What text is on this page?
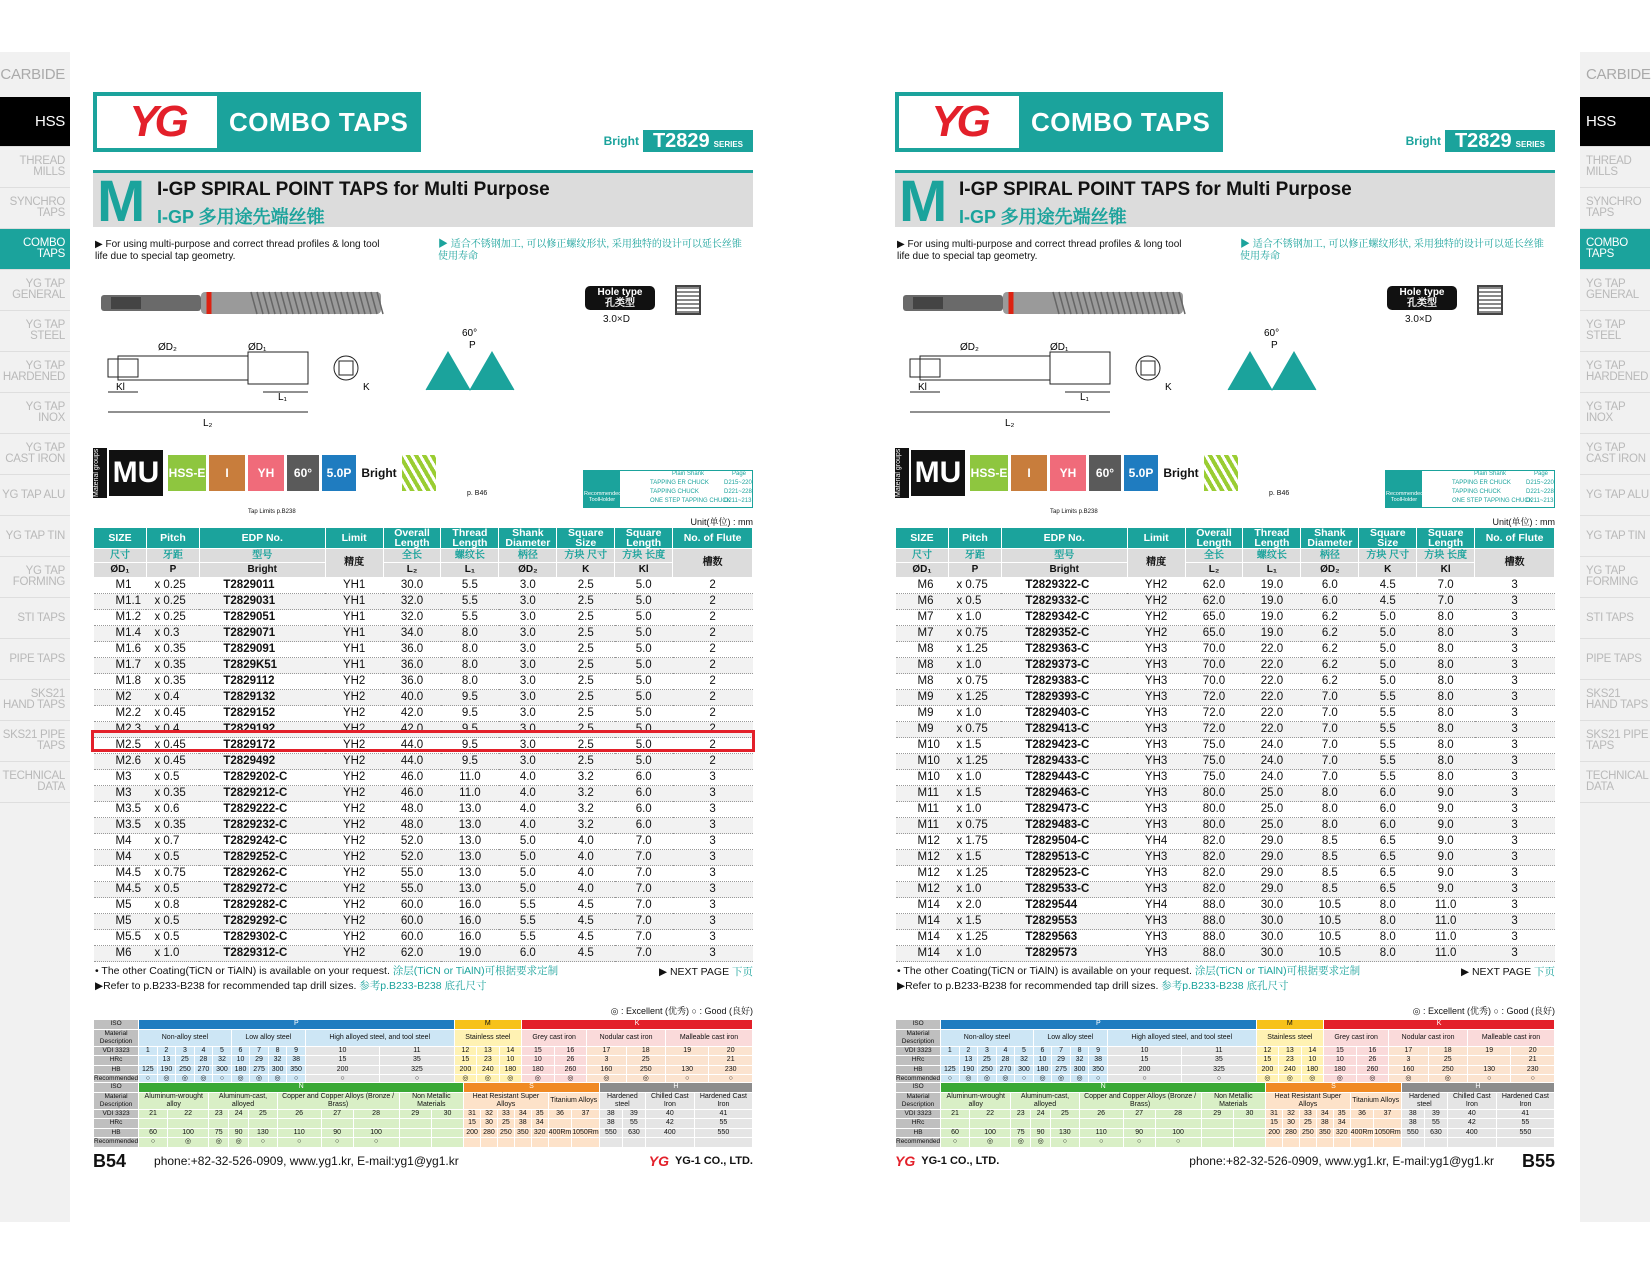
CARBIDE
HSS
THREAD MILLS
SYNCHRO TAPS
COMBO TAPS
YG TAP GENERAL
YG TAP STEEL
YG TAP HARDENED
YG TAP INOX
YG TAP CAST IRON
YG TAP ALU
YG TAP TIN
YG TAP FORMING
STI TAPS
PIPE TAPS
SKS21 HAND TAPS
SKS21 PIPE TAPS
TECHNICAL DATA
CARBIDE
HSS
THREAD MILLS
SYNCHRO TAPS
COMBO TAPS
YG TAP GENERAL
YG TAP STEEL
YG TAP HARDENED
YG TAP INOX
YG TAP CAST IRON
YG TAP ALU
YG TAP TIN
YG TAP FORMING
STI TAPS
PIPE TAPS
SKS21 HAND TAPS
SKS21 PIPE TAPS
TECHNICAL DATA
YG	COMBO TAPS
Bright T2829 SERIES
M I-GP SPIRAL POINT TAPS for Multi Purpose
I-GP 多用途先端丝锥
▶ For using multi-purpose and correct thread profiles & long tool life due to special tap geometry.
▶ 适合不锈钢加工, 可以修正螺纹形状, 采用独特的设计可以延长丝锥使用寿命
Hole type
孔类型
3.0×D
ØD₂	ØD₁
Kl
L₂
L₁
K
60°
P
Material groups MU HSS-E	I	YH	60°	5.0P Bright
p. B46
Tap Limits p.B238
Recommended ToolHolder
Plain Shank	Page
TAPPING ER CHUCK	D215~220
TAPPING CHUCK	D221~228
ONE STEP TAPPING CHUCK
D211~213
Unit(单位) : mm
SIZE	Pitch	EDP No.	Limit	Overall Length	Thread Length	Shank Diameter	Square Size	Square Length	No. of Flute
尺寸	牙距	型号	精度	全长	螺纹长	柄径	方块 尺寸	方块 长度	槽数
ØD₁	P	Bright		L₂	L₁	ØD₂	K	Kl	
M1	x 0.25	T2829011	YH1	30.0	5.5	3.0	2.5	5.0	2
M1.1	x 0.25	T2829031	YH1	32.0	5.5	3.0	2.5	5.0	2
M1.2	x 0.25	T2829051	YH1	32.0	5.5	3.0	2.5	5.0	2
M1.4	x 0.3	T2829071	YH1	34.0	8.0	3.0	2.5	5.0	2
M1.6	x 0.35	T2829091	YH1	36.0	8.0	3.0	2.5	5.0	2
M1.7	x 0.35	T2829K51	YH1	36.0	8.0	3.0	2.5	5.0	2
M1.8	x 0.35	T2829112	YH2	36.0	8.0	3.0	2.5	5.0	2
M2	x 0.4	T2829132	YH2	40.0	9.5	3.0	2.5	5.0	2
M2.2	x 0.45	T2829152	YH2	42.0	9.5	3.0	2.5	5.0	2
M2.3	x 0.4	T2829192	YH2	42.0	9.5	3.0	2.5	5.0	2
M2.5	x 0.45	T2829172	YH2	44.0	9.5	3.0	2.5	5.0	2
M2.6	x 0.45	T2829492	YH2	44.0	9.5	3.0	2.5	5.0	2
M3	x 0.5	T2829202-C	YH2	46.0	11.0	4.0	3.2	6.0	3
M3	x 0.35	T2829212-C	YH2	46.0	11.0	4.0	3.2	6.0	3
M3.5	x 0.6	T2829222-C	YH2	48.0	13.0	4.0	3.2	6.0	3
M3.5	x 0.35	T2829232-C	YH2	48.0	13.0	4.0	3.2	6.0	3
M4	x 0.7	T2829242-C	YH2	52.0	13.0	5.0	4.0	7.0	3
M4	x 0.5	T2829252-C	YH2	52.0	13.0	5.0	4.0	7.0	3
M4.5	x 0.75	T2829262-C	YH2	55.0	13.0	5.0	4.0	7.0	3
M4.5	x 0.5	T2829272-C	YH2	55.0	13.0	5.0	4.0	7.0	3
M5	x 0.8	T2829282-C	YH2	60.0	16.0	5.5	4.5	7.0	3
M5	x 0.5	T2829292-C	YH2	60.0	16.0	5.5	4.5	7.0	3
M5.5	x 0.5	T2829302-C	YH2	60.0	16.0	5.5	4.5	7.0	3
M6	x 1.0	T2829312-C	YH2	62.0	19.0	6.0	4.5	7.0	3
• The other Coating(TiCN or TiAlN) is available on your request. 涂层(TiCN or TiAlN)可根据要求定制
▶Refer to p.B233-B238 for recommended tap drill sizes. 参考p.B233-B238 底孔尺寸
▶ NEXT PAGE 下页
◎ : Excellent (优秀) ○ : Good (良好)
ISO	P											M			K					
Material Description	Non-alloy steel					Low alloy steel				High alloyed steel, and tool steel		Stainless steel			Grey cast iron		Nodular cast iron		Malleable cast iron	
VDI 3323	1	2	3	4	5	6	7	8	9	10	11	12	13	14	15	16	17	18	19	20
HRc		13	25	28	32	10	29	32	38	15	35	15	23	10	10	26	3	25		21
HB	125	190	250	270	300	180	275	300	350	200	325	200	240	180	180	260	160	250	130	230
Recommended	○	◎	◎	◎	○	◎	◎	◎	○	○	○	◎	◎	◎	◎	◎	◎	◎	○	○
ISO	N										S							H			
Material Description	Aluminum-wrought alloy		Aluminum-cast, alloyed			Copper and Copper Alloys (Bronze / Brass)			Non Metallic Materials		Heat Resistant Super Alloys					Titanium Alloys		Hardened steel		Chilled Cast Iron	Hardened Cast Iron
VDI 3323	21	22	23	24	25	26	27	28	29	30	31	32	33	34	35	36	37	38	39	40	41
HRc											15	30	25	38	34			38	55	42	55
HB	60	100	75	90	130	110	90	100			200	280	250	350	320	400Rm	1050Rm	550	630	400	550
Recommended	○	◎	◎	◎	○	○	○	○													
B54 phone:+82-32-526-0909, www.yg1.kr, E-mail:yg1@yg1.kr	YG YG-1 CO., LTD.
YG	COMBO TAPS
Bright T2829 SERIES
M I-GP SPIRAL POINT TAPS for Multi Purpose
I-GP 多用途先端丝锥
▶ For using multi-purpose and correct thread profiles & long tool life due to special tap geometry.
▶ 适合不锈钢加工, 可以修正螺纹形状, 采用独特的设计可以延长丝锥使用寿命
Hole type
孔类型
3.0×D
ØD₂	ØD₁
Kl
L₂
L₁
K
60°
P
Material groups MU HSS-E	I	YH	60°	5.0P Bright
p. B46
Tap Limits p.B238
Recommended ToolHolder
Plain Shank	Page
TAPPING ER CHUCK	D215~220
TAPPING CHUCK	D221~228
ONE STEP TAPPING CHUCK
D211~213
Unit(单位) : mm
SIZE	Pitch	EDP No.	Limit	Overall Length	Thread Length	Shank Diameter	Square Size	Square Length	No. of Flute
尺寸	牙距	型号	精度	全长	螺纹长	柄径	方块 尺寸	方块 长度	槽数
ØD₁	P	Bright		L₂	L₁	ØD₂	K	Kl	
M6	x 0.75	T2829322-C	YH2	62.0	19.0	6.0	4.5	7.0	3
M6	x 0.5	T2829332-C	YH2	62.0	19.0	6.0	4.5	7.0	3
M7	x 1.0	T2829342-C	YH2	65.0	19.0	6.2	5.0	8.0	3
M7	x 0.75	T2829352-C	YH2	65.0	19.0	6.2	5.0	8.0	3
M8	x 1.25	T2829363-C	YH3	70.0	22.0	6.2	5.0	8.0	3
M8	x 1.0	T2829373-C	YH3	70.0	22.0	6.2	5.0	8.0	3
M8	x 0.75	T2829383-C	YH3	70.0	22.0	6.2	5.0	8.0	3
M9	x 1.25	T2829393-C	YH3	72.0	22.0	7.0	5.5	8.0	3
M9	x 1.0	T2829403-C	YH3	72.0	22.0	7.0	5.5	8.0	3
M9	x 0.75	T2829413-C	YH3	72.0	22.0	7.0	5.5	8.0	3
M10	x 1.5	T2829423-C	YH3	75.0	24.0	7.0	5.5	8.0	3
M10	x 1.25	T2829433-C	YH3	75.0	24.0	7.0	5.5	8.0	3
M10	x 1.0	T2829443-C	YH3	75.0	24.0	7.0	5.5	8.0	3
M11	x 1.5	T2829463-C	YH3	80.0	25.0	8.0	6.0	9.0	3
M11	x 1.0	T2829473-C	YH3	80.0	25.0	8.0	6.0	9.0	3
M11	x 0.75	T2829483-C	YH3	80.0	25.0	8.0	6.0	9.0	3
M12	x 1.75	T2829504-C	YH4	82.0	29.0	8.5	6.5	9.0	3
M12	x 1.5	T2829513-C	YH3	82.0	29.0	8.5	6.5	9.0	3
M12	x 1.25	T2829523-C	YH3	82.0	29.0	8.5	6.5	9.0	3
M12	x 1.0	T2829533-C	YH3	82.0	29.0	8.5	6.5	9.0	3
M14	x 2.0	T2829544	YH4	88.0	30.0	10.5	8.0	11.0	3
M14	x 1.5	T2829553	YH3	88.0	30.0	10.5	8.0	11.0	3
M14	x 1.25	T2829563	YH3	88.0	30.0	10.5	8.0	11.0	3
M14	x 1.0	T2829573	YH3	88.0	30.0	10.5	8.0	11.0	3
• The other Coating(TiCN or TiAlN) is available on your request. 涂层(TiCN or TiAlN)可根据要求定制
▶Refer to p.B233-B238 for recommended tap drill sizes. 参考p.B233-B238 底孔尺寸
▶ NEXT PAGE 下页
◎ : Excellent (优秀) ○ : Good (良好)
ISO	P											M			K					
Material Description	Non-alloy steel					Low alloy steel				High alloyed steel, and tool steel		Stainless steel			Grey cast iron		Nodular cast iron		Malleable cast iron	
VDI 3323	1	2	3	4	5	6	7	8	9	10	11	12	13	14	15	16	17	18	19	20
HRc		13	25	28	32	10	29	32	38	15	35	15	23	10	10	26	3	25		21
HB	125	190	250	270	300	180	275	300	350	200	325	200	240	180	180	260	160	250	130	230
Recommended	○	◎	◎	◎	○	◎	◎	◎	○	○	○	◎	◎	◎	◎	◎	◎	◎	○	○
ISO	N										S							H			
Material Description	Aluminum-wrought alloy		Aluminum-cast, alloyed			Copper and Copper Alloys (Bronze / Brass)			Non Metallic Materials		Heat Resistant Super Alloys					Titanium Alloys		Hardened steel		Chilled Cast Iron	Hardened Cast Iron
VDI 3323	21	22	23	24	25	26	27	28	29	30	31	32	33	34	35	36	37	38	39	40	41
HRc											15	30	25	38	34			38	55	42	55
HB	60	100	75	90	130	110	90	100			200	280	250	350	320	400Rm	1050Rm	550	630	400	550
Recommended	○	◎	◎	◎	○	○	○	○													
YG YG-1 CO., LTD.	phone:+82-32-526-0909, www.yg1.kr, E-mail:yg1@yg1.kr B55
